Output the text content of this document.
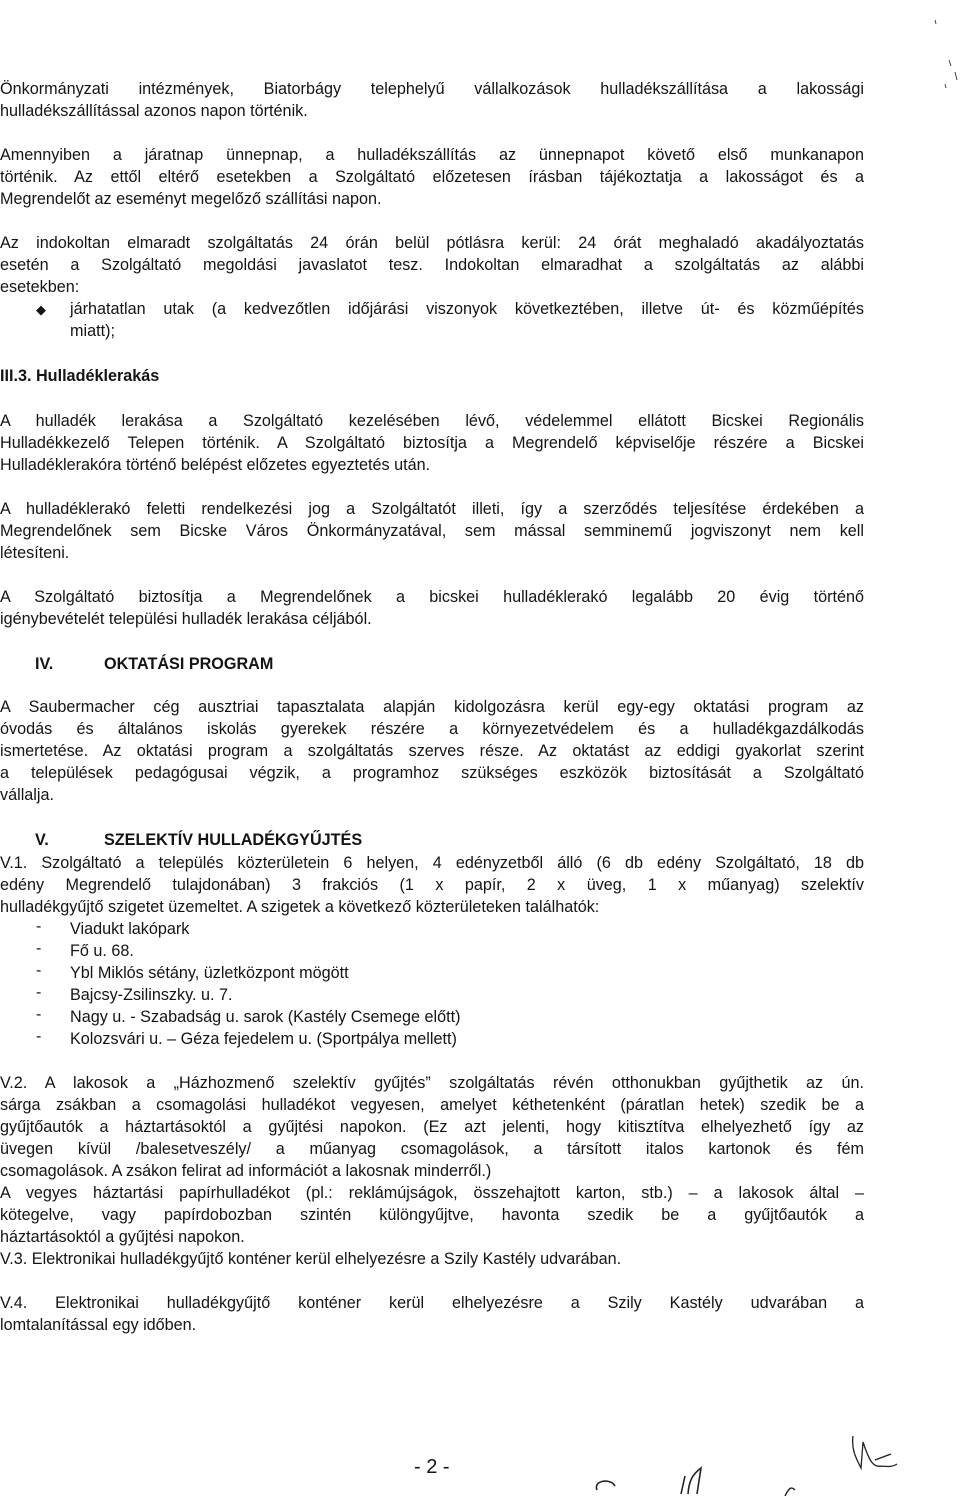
Önkormányzati intézmények, Biatorbágy telephelyű vállalkozások hulladékszállítása a lakossági
hulladékszállítással azonos napon történik.
Amennyiben a járatnap ünnepnap, a hulladékszállítás az ünnepnapot követő első munkanapon
történik. Az ettől eltérő esetekben a Szolgáltató előzetesen írásban tájékoztatja a lakosságot és a
Megrendelőt az eseményt megelőző szállítási napon.
Az indokoltan elmaradt szolgáltatás 24 órán belül pótlásra kerül: 24 órát meghaladó akadályoztatás
esetén a Szolgáltató megoldási javaslatot tesz. Indokoltan elmaradhat a szolgáltatás az alábbi
esetekben:
◆ járhatatlan utak (a kedvezőtlen időjárási viszonyok következtében, illetve út- és közműépítés
miatt);
III.3. Hulladéklerakás
A hulladék lerakása a Szolgáltató kezelésében lévő, védelemmel ellátott Bicskei Regionális
Hulladékkezelő Telepen történik. A Szolgáltató biztosítja a Megrendelő képviselője részére a Bicskei
Hulladéklerakóra történő belépést előzetes egyeztetés után.
A hulladéklerakó feletti rendelkezési jog a Szolgáltatót illeti, így a szerződés teljesítése érdekében a
Megrendelőnek sem Bicske Város Önkormányzatával, sem mással semminemű jogviszonyt nem kell
létesíteni.
A Szolgáltató biztosítja a Megrendelőnek a bicskei hulladéklerakó legalább 20 évig történő
igénybevételét települési hulladék lerakása céljából.
IV.	OKTATÁSI PROGRAM
A Saubermacher cég ausztriai tapasztalata alapján kidolgozásra kerül egy-egy oktatási program az
óvodás és általános iskolás gyerekek részére a környezetvédelem és a hulladékgazdálkodás
ismertetése. Az oktatási program a szolgáltatás szerves része. Az oktatást az eddigi gyakorlat szerint
a települések pedagógusai végzik, a programhoz szükséges eszközök biztosítását a Szolgáltató
vállalja.
V.	SZELEKTÍV HULLADÉKGYŰJTÉS
V.1. Szolgáltató a település közterületein 6 helyen, 4 edényzetből álló (6 db edény Szolgáltató, 18 db
edény Megrendelő tulajdonában) 3 frakciós (1 x papír, 2 x üveg, 1 x műanyag) szelektív
hulladékgyűjtő szigetet üzemeltet. A szigetek a következő közterületeken találhatók:
- Viadukt lakópark
- Fő u. 68.
- Ybl Miklós sétány, üzletközpont mögött
- Bajcsy-Zsilinszky. u. 7.
- Nagy u. - Szabadság u. sarok (Kastély Csemege előtt)
- Kolozsvári u. – Géza fejedelem u. (Sportpálya mellett)
V.2. A lakosok a „Házhozmenő szelektív gyűjtés” szolgáltatás révén otthonukban gyűjthetik az ún.
sárga zsákban a csomagolási hulladékot vegyesen, amelyet kéthetenként (páratlan hetek) szedik be a
gyűjtőautók a háztartásoktól a gyűjtési napokon. (Ez azt jelenti, hogy kitisztítva elhelyezhető így az
üvegen kívül /balesetveszély/ a műanyag csomagolások, a társított italos kartonok és fém
csomagolások. A zsákon felirat ad információt a lakosnak minderről.)
A vegyes háztartási papírhulladékot (pl.: reklámújságok, összehajtott karton, stb.) – a lakosok által –
kötegelve, vagy papírdobozban szintén különgyűjtve, havonta szedik be a gyűjtőautók a
háztartásoktól a gyűjtési napokon.
V.3. Elektronikai hulladékgyűjtő konténer kerül elhelyezésre a Szily Kastély udvarában.
V.4. Elektronikai hulladékgyűjtő konténer kerül elhelyezésre a Szily Kastély udvarában a
lomtalanítással egy időben.
- 2 -
